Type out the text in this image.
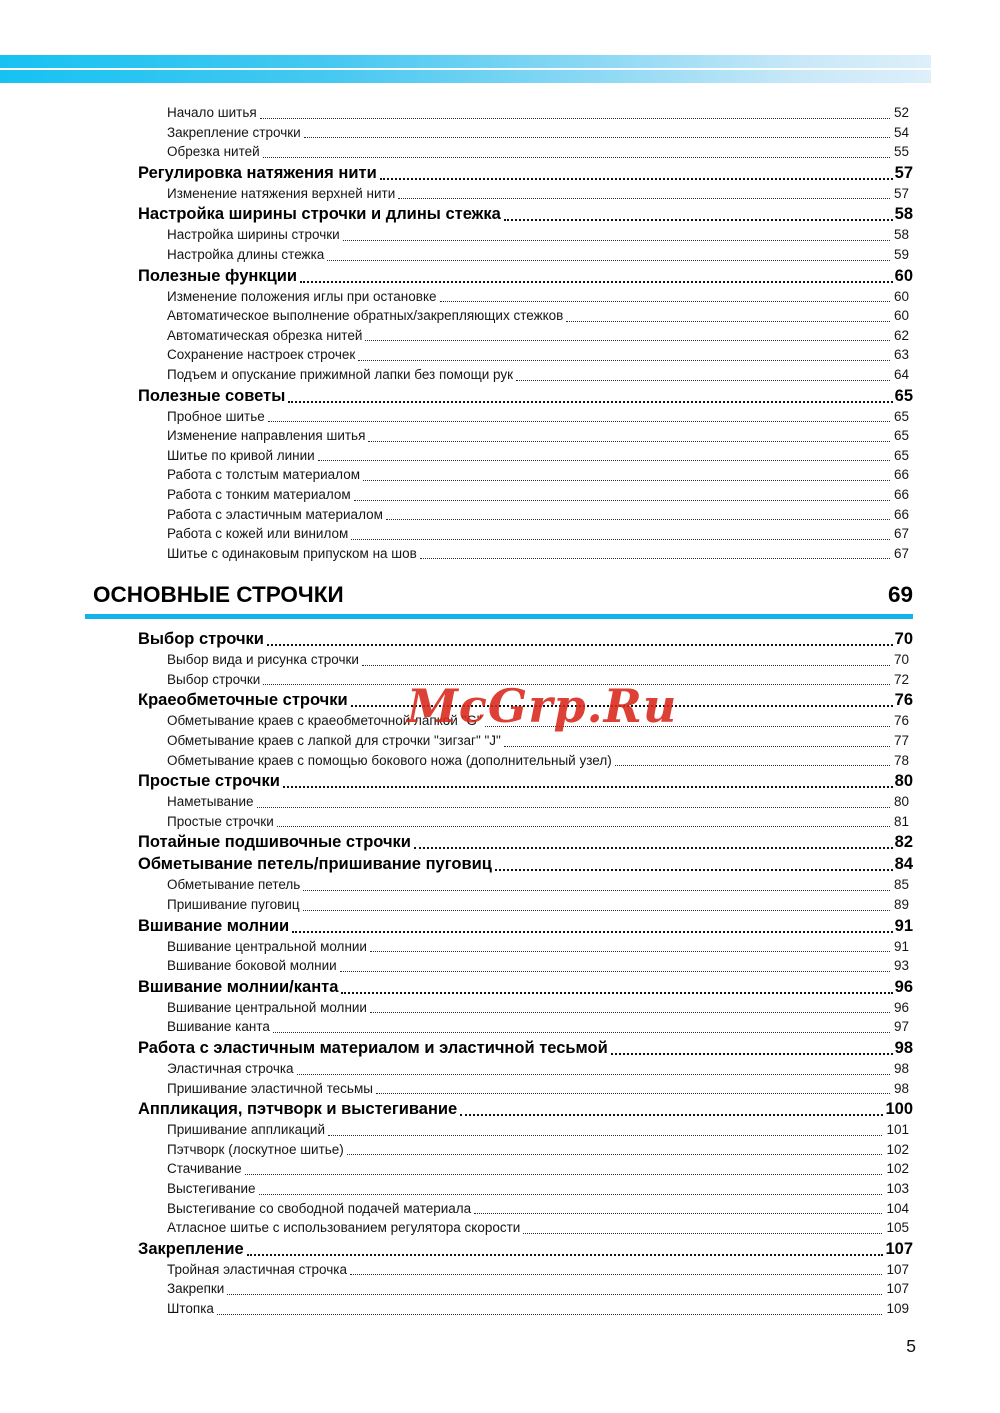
Начало шитья	52
Закрепление строчки	54
Обрезка нитей	55
Регулировка натяжения нити	57
Изменение натяжения верхней нити	57
Настройка ширины строчки и длины стежка	58
Настройка ширины строчки	58
Настройка длины стежка	59
Полезные функции	60
Изменение положения иглы при остановке	60
Автоматическое выполнение обратных/закрепляющих стежков	60
Автоматическая обрезка нитей	62
Сохранение настроек строчек	63
Подъем и опускание прижимной лапки без помощи рук	64
Полезные советы	65
Пробное шитье	65
Изменение направления шитья	65
Шитье по кривой линии	65
Работа с толстым материалом	66
Работа с тонким материалом	66
Работа с эластичным материалом	66
Работа с кожей или винилом	67
Шитье с одинаковым припуском на шов	67
ОСНОВНЫЕ СТРОЧКИ	69
Выбор строчки	70
Выбор вида и рисунка строчки	70
Выбор строчки	72
Краеобметочные строчки	76
Обметывание краев с краеобметочной лапкой "G"	76
Обметывание краев с лапкой для строчки "зигзаг" "J"	77
Обметывание краев с помощью бокового ножа (дополнительный узел)	78
Простые строчки	80
Наметывание	80
Простые строчки	81
Потайные подшивочные строчки	82
Обметывание петель/пришивание пуговиц	84
Обметывание петель	85
Пришивание пуговиц	89
Вшивание молнии	91
Вшивание центральной молнии	91
Вшивание боковой молнии	93
Вшивание молнии/канта	96
Вшивание центральной молнии	96
Вшивание канта	97
Работа с эластичным материалом и эластичной тесьмой	98
Эластичная строчка	98
Пришивание эластичной тесьмы	98
Аппликация, пэтчворк и выстегивание	100
Пришивание аппликаций	101
Пэтчворк (лоскутное шитье)	102
Стачивание	102
Выстегивание	103
Выстегивание со свободной подачей материала	104
Атласное шитье с использованием регулятора скорости	105
Закрепление	107
Тройная эластичная строчка	107
Закрепки	107
Штопка	109
McGrp.Ru
5
